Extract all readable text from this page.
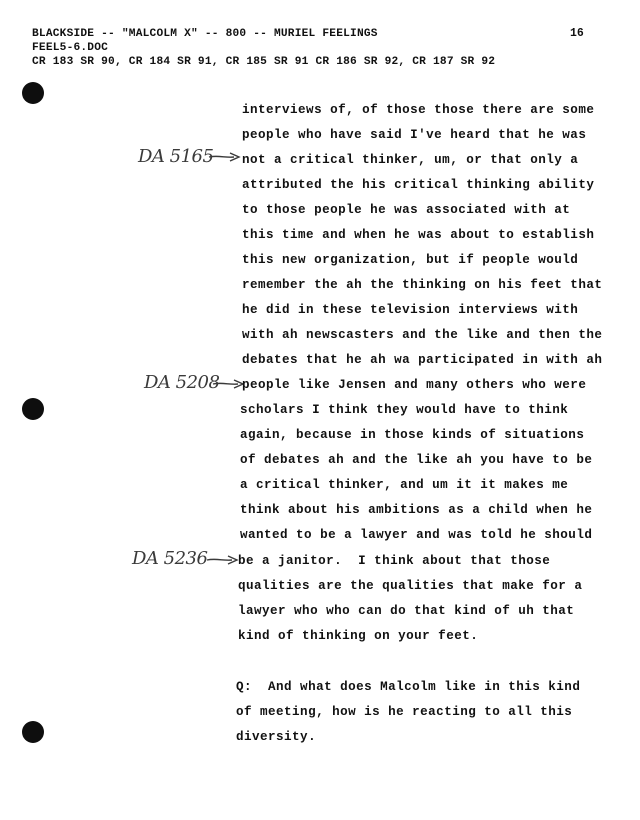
BLACKSIDE -- "MALCOLM X" -- 800 -- MURIEL FEELINGS
FEEL5-6.DOC
CR 183 SR 90, CR 184 SR 91, CR 185 SR 91 CR 186 SR 92, CR 187 SR 92
16
DA 5165
DA 5208
DA 5236
interviews of, of those those there are some
people who have said I've heard that he was
not a critical thinker, um, or that only a
attributed the his critical thinking ability
to those people he was associated with at
this time and when he was about to establish
this new organization, but if people would
remember the ah the thinking on his feet that
he did in these television interviews with
with ah newscasters and the like and then the
debates that he ah wa participated in with ah
people like Jensen and many others who were
scholars I think they would have to think
again, because in those kinds of situations
of debates ah and the like ah you have to be
a critical thinker, and um it it makes me
think about his ambitions as a child when he
wanted to be a lawyer and was told he should
be a janitor.  I think about that those
qualities are the qualities that make for a
lawyer who who can do that kind of uh that
kind of thinking on your feet.
Q:  And what does Malcolm like in this kind
of meeting, how is he reacting to all this
diversity.
